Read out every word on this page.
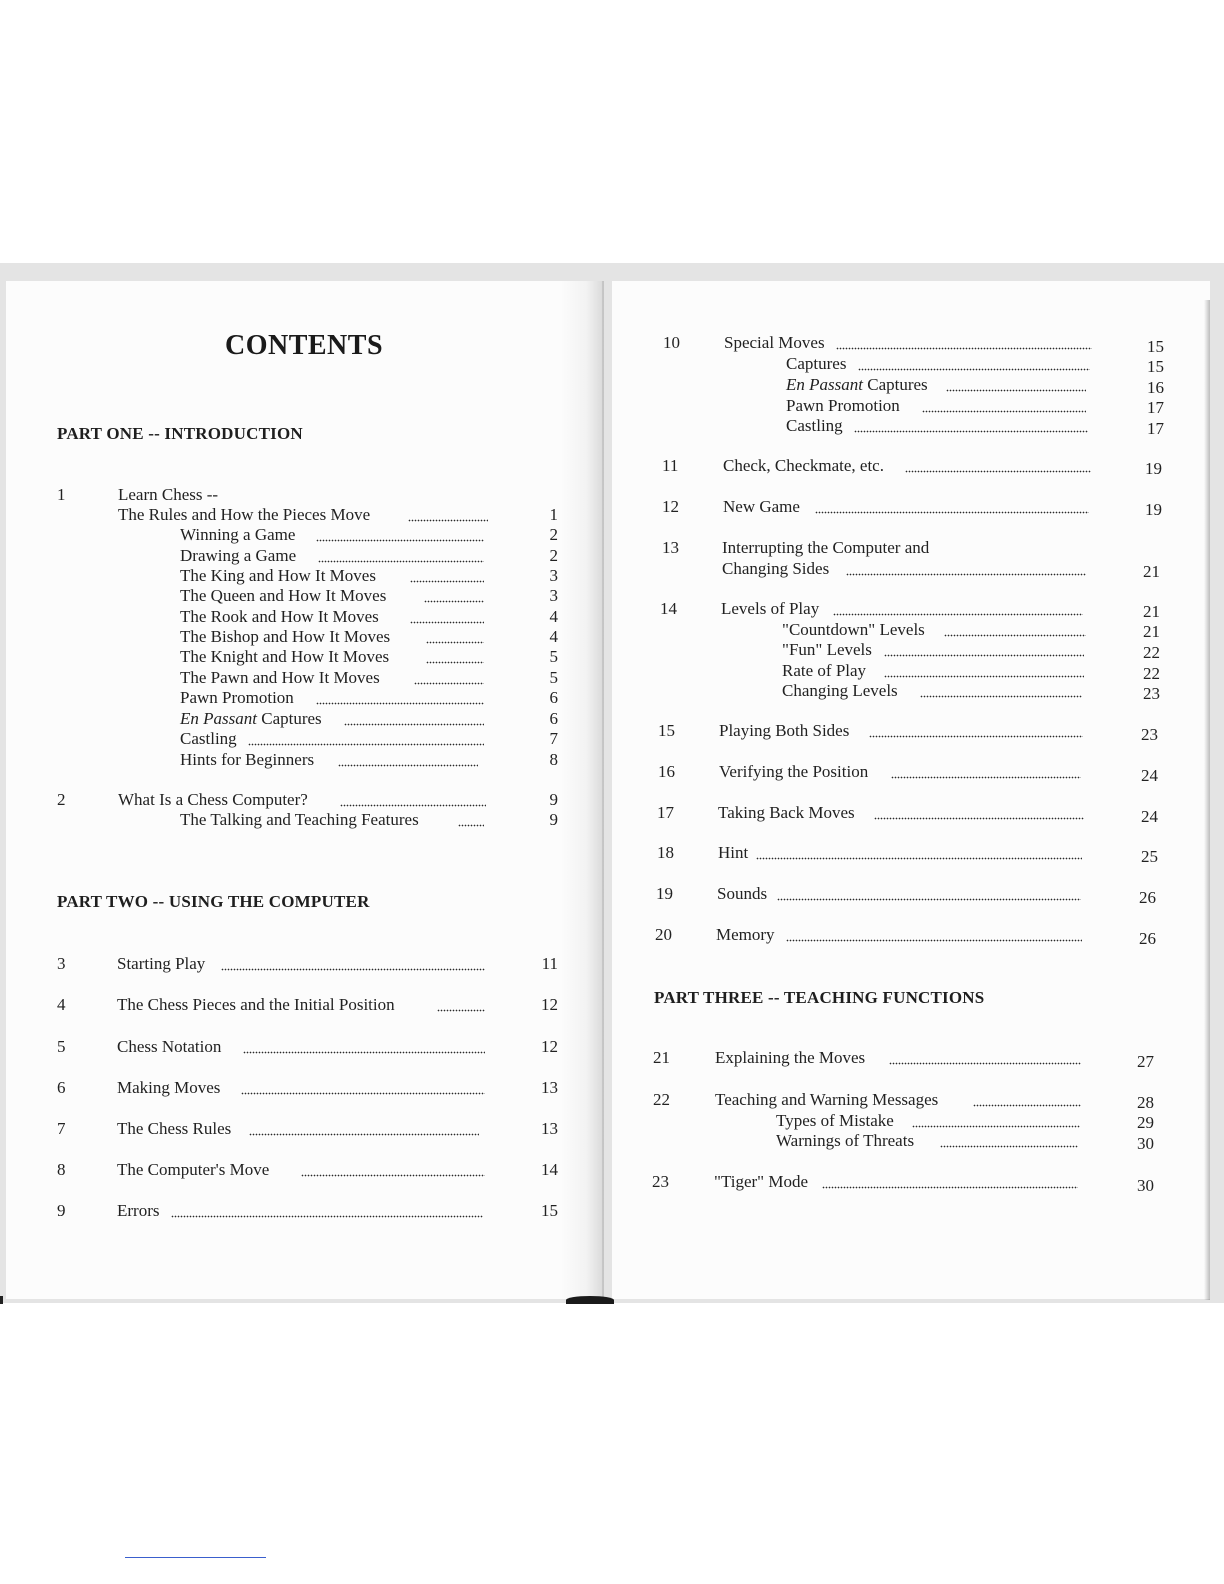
CONTENTS
PART ONE -- INTRODUCTION
PART TWO -- USING THE COMPUTER
PART THREE -- TEACHING FUNCTIONS
1	Learn Chess --
The Rules and How the Pieces Move	1
Winning a Game	2
Drawing a Game	2
The King and How It Moves	3
The Queen and How It Moves	3
The Rook and How It Moves	4
The Bishop and How It Moves	4
The Knight and How It Moves	5
The Pawn and How It Moves	5
Pawn Promotion	6
En Passant Captures	6
Castling	7
Hints for Beginners	8
2	What Is a Chess Computer?	9
The Talking and Teaching Features	9
3	Starting Play	11
4	The Chess Pieces and the Initial Position	12
5	Chess Notation	12
6	Making Moves	13
7	The Chess Rules	13
8	The Computer's Move	14
9	Errors	15
10	Special Moves	15
Captures	15
En Passant Captures	16
Pawn Promotion	17
Castling	17
11	Check, Checkmate, etc.	19
12	New Game	19
13	Interrupting the Computer and
Changing Sides	21
14	Levels of Play	21
"Countdown" Levels	21
"Fun" Levels	22
Rate of Play	22
Changing Levels	23
15	Playing Both Sides	23
16	Verifying the Position	24
17	Taking Back Moves	24
18	Hint	25
19	Sounds	26
20	Memory	26
21	Explaining the Moves	27
22	Teaching and Warning Messages	28
Types of Mistake	29
Warnings of Threats	30
23	"Tiger" Mode	30
